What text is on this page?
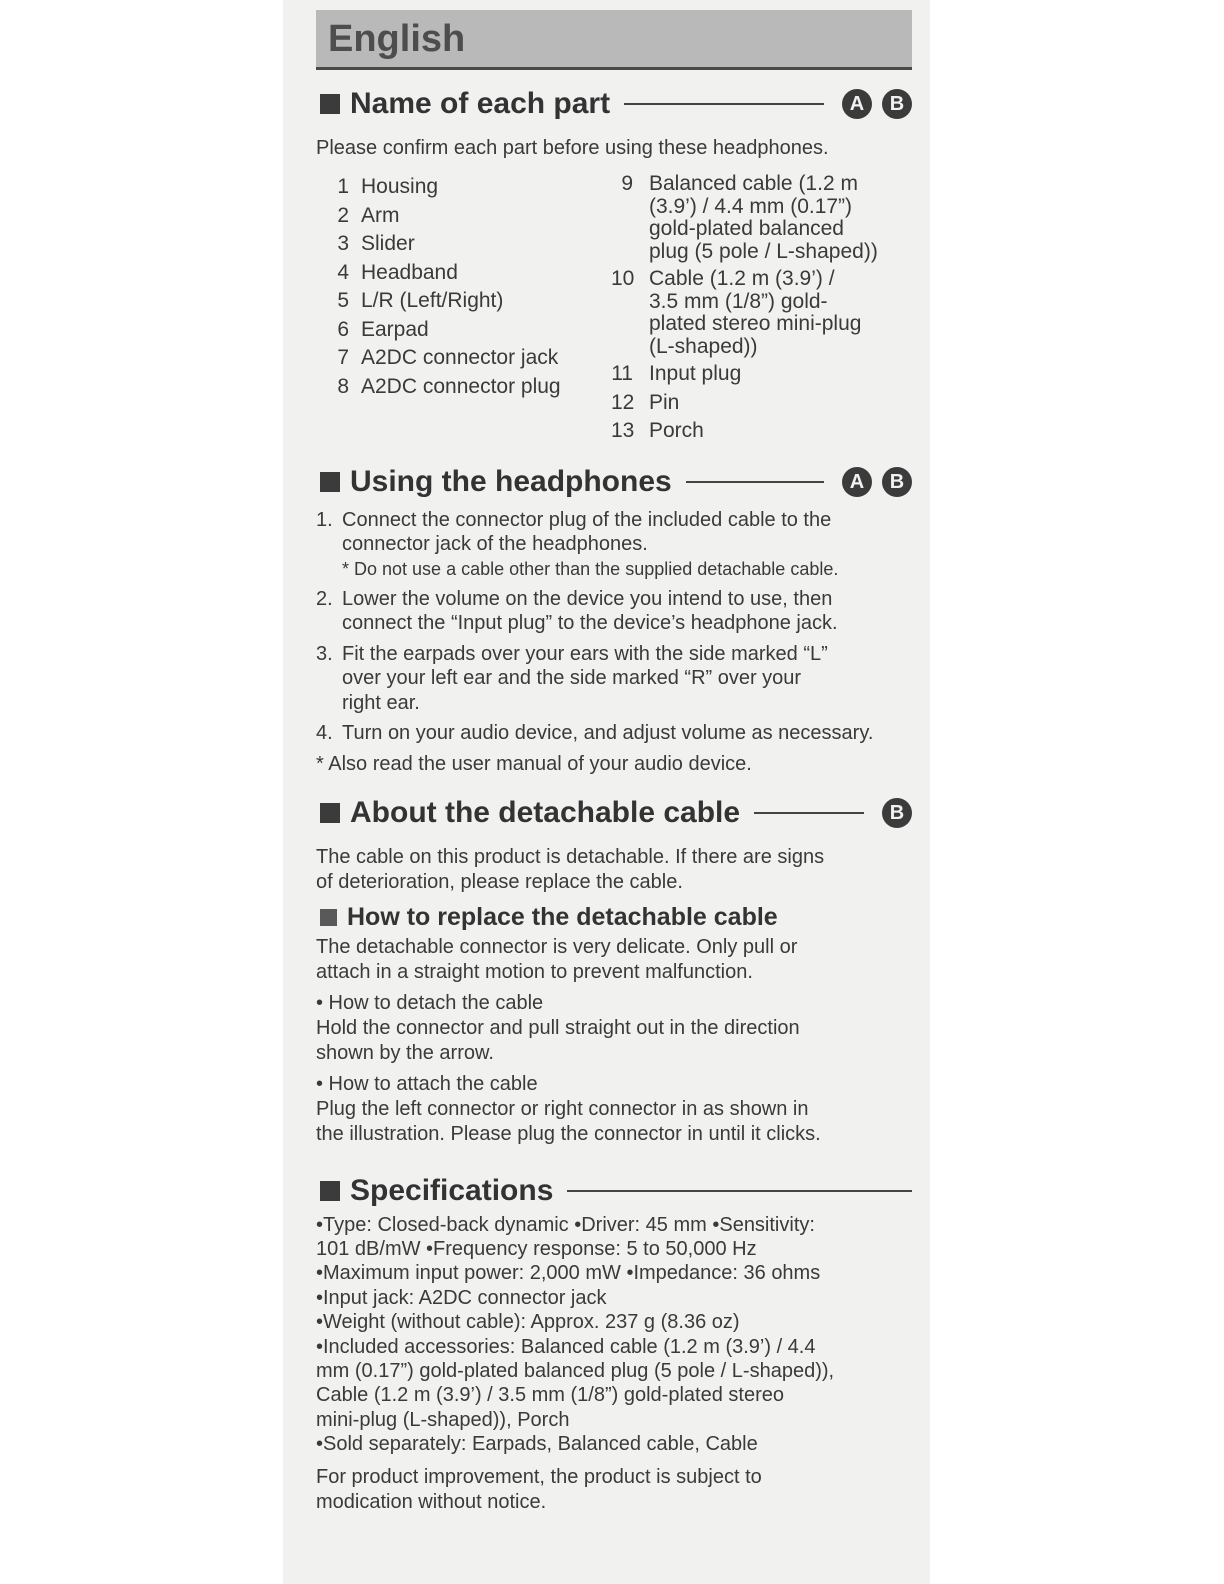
English
Name of each part	A	B

Please confirm each part before using these headphones.

1 Housing
2 Arm
3 Slider
4 Headband
5 L/R (Left/Right)
6 Earpad
7 A2DC connector jack
8 A2DC connector plug
9 Balanced cable (1.2 m
(3.9’) / 4.4 mm (0.17”)
gold-plated balanced
plug (5 pole / L-shaped))
10 Cable (1.2 m (3.9’) /
3.5 mm (1/8”) gold-
plated stereo mini-plug
(L-shaped))
11 Input plug
12 Pin
13 Porch
Using the headphones	A	B
1. Connect the connector plug of the included cable to the
connector jack of the headphones.
* Do not use a cable other than the supplied detachable cable.
2. Lower the volume on the device you intend to use, then
connect the “Input plug” to the device’s headphone jack.
3. Fit the earpads over your ears with the side marked “L”
over your left ear and the side marked “R” over your
right ear.
4. Turn on your audio device, and adjust volume as necessary.

* Also read the user manual of your audio device.

About the detachable cable	B

The cable on this product is detachable. If there are signs

of deterioration, please replace the cable.

How to replace the detachable cable

The detachable connector is very delicate. Only pull or

attach in a straight motion to prevent malfunction.

• How to detach the cable

Hold the connector and pull straight out in the direction

shown by the arrow.

• How to attach the cable

Plug the left connector or right connector in as shown in

the illustration. Please plug the connector in until it clicks.

Specifications

•Type: Closed-back dynamic •Driver: 45 mm •Sensitivity:

101 dB/mW •Frequency response: 5 to 50,000 Hz

•Maximum input power: 2,000 mW •Impedance: 36 ohms

•Input jack: A2DC connector jack

•Weight (without cable): Approx. 237 g (8.36 oz)

•Included accessories: Balanced cable (1.2 m (3.9’) / 4.4

mm (0.17”) gold-plated balanced plug (5 pole / L-shaped)),

Cable (1.2 m (3.9’) / 3.5 mm (1/8”) gold-plated stereo

mini-plug (L-shaped)), Porch

•Sold separately: Earpads, Balanced cable, Cable

For product improvement, the product is subject to

modication without notice.
